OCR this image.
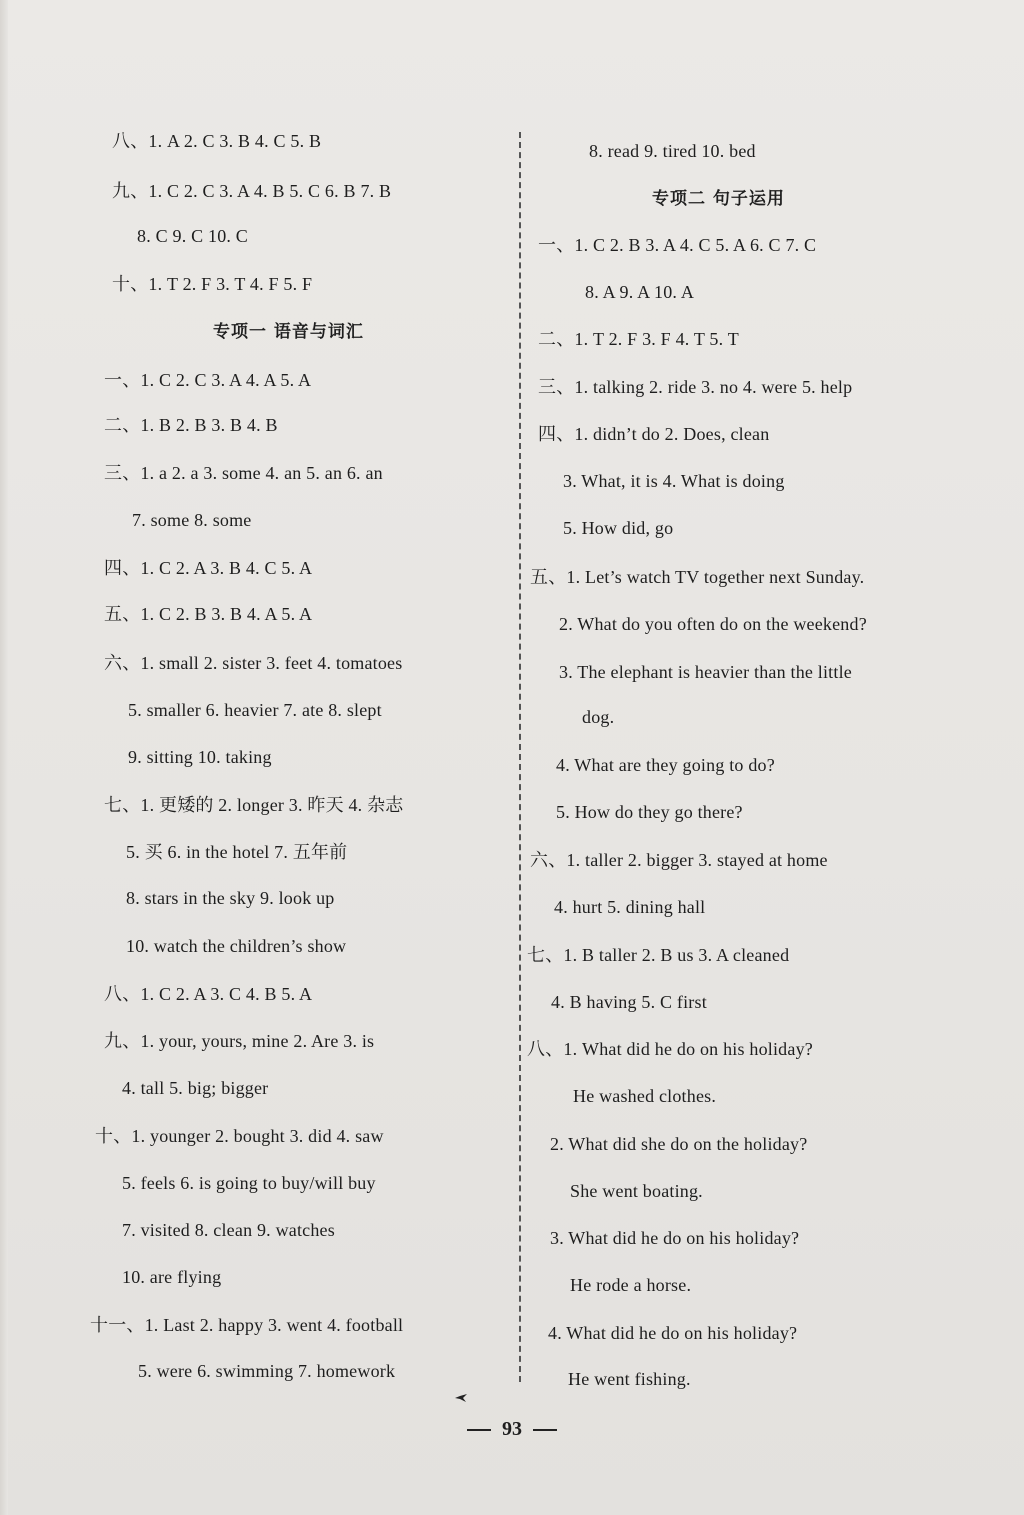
八、1. A 2. C 3. B 4. C 5. B
九、1. C 2. C 3. A 4. B 5. C 6. B 7. B
8. C 9. C 10. C
十、1. T 2. F 3. T 4. F 5. F
专项一 语音与词汇
一、1. C 2. C 3. A 4. A 5. A
二、1. B 2. B 3. B 4. B
三、1. a 2. a 3. some 4. an 5. an 6. an
7. some 8. some
四、1. C 2. A 3. B 4. C 5. A
五、1. C 2. B 3. B 4. A 5. A
六、1. small 2. sister 3. feet 4. tomatoes
5. smaller 6. heavier 7. ate 8. slept
9. sitting 10. taking
七、1. 更矮的 2. longer 3. 昨天 4. 杂志
5. 买 6. in the hotel 7. 五年前
8. stars in the sky 9. look up
10. watch the children’s show
八、1. C 2. A 3. C 4. B 5. A
九、1. your, yours, mine 2. Are 3. is
4. tall 5. big; bigger
十、1. younger 2. bought 3. did 4. saw
5. feels 6. is going to buy/will buy
7. visited 8. clean 9. watches
10. are flying
十一、1. Last 2. happy 3. went 4. football
5. were 6. swimming 7. homework
8. read 9. tired 10. bed
专项二 句子运用
一、1. C 2. B 3. A 4. C 5. A 6. C 7. C
8. A 9. A 10. A
二、1. T 2. F 3. F 4. T 5. T
三、1. talking 2. ride 3. no 4. were 5. help
四、1. didn’t do 2. Does, clean
3. What, it is 4. What is doing
5. How did, go
五、1. Let’s watch TV together next Sunday.
2. What do you often do on the weekend?
3. The elephant is heavier than the little
dog.
4. What are they going to do?
5. How do they go there?
六、1. taller 2. bigger 3. stayed at home
4. hurt 5. dining hall
七、1. B taller 2. B us 3. A cleaned
4. B having 5. C first
八、1. What did he do on his holiday?
He washed clothes.
2. What did she do on the holiday?
She went boating.
3. What did he do on his holiday?
He rode a horse.
4. What did he do on his holiday?
He went fishing.
93
